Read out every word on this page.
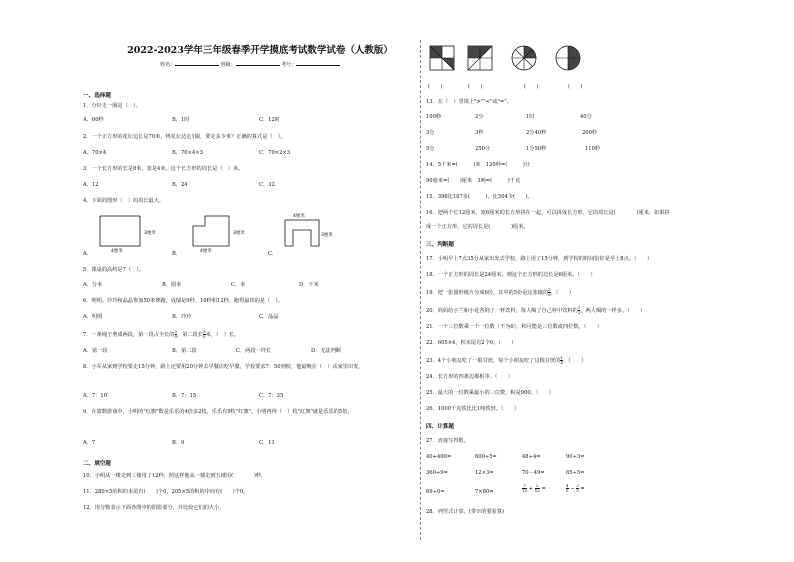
2022-2023学年三年级春季开学摸底考试数学试卷（人教版）
姓名：	班级：	考号：
一、选择题
1．分针走一圈是（　）。
A．60秒	B．1时	C．12时
2．一个正方形的花坛边长是70米，绕花坛边走1圈，要走多少米？正确的算式是（　）。
A．70×4	B．70×4×3	C．70×2×3
3．一个长方形的长是8米，宽是4米，这个长方形的周长是（　）米。
A．12	B．24	C．32
4．下面的图形（　）的周长最大。
3厘米
4厘米
3厘米
4厘米
4厘米
3厘米
A．	B．	C．
5．课桌的高约是7（　）。
A．分米	B．厘米	C．米	D．千米
6．明明、玲玲和晶晶参加50米赛跑，成绩是9秒、10秒和12秒，跑得最快的是（　）。
A．明明	B．玲玲	C．晶晶
7．一条绳子剪成两段，第一段占全长的 $\frac{3}{5}$ ，第二段长 $\frac{3}{5}$ 米，（　）长。
A．第一段	B．第二段	C．两段一样长	D．无法判断
8．小军从家到学校要走15分钟，路上还要用20分钟去早餐店吃早餐，学校要求7：50到校，他最晚在（　）从家里出发。
A．7：10	B．7：15	C．7：35
9．在猜数游戏中，小明的"红旗"数是乐乐的4倍多2枚，乐乐有9枚"红旗"，小明再得（　）枚"红旗"就是乐乐的5倍。
A．7	B．9	C．11
二、填空题
10．小明从一楼走到三楼用了12秒，照这样他从一楼走到五楼用(　　　　)秒。
11．280×5的积的末尾有(　　)个0，205×5的积的中间有(　　)个0。
12．用分数表示下面各图中的阴影部分，并比较它们的大小。
(　　)	(　　)	(　　)	(　　)
13．在（　）里填上">""<"或"="。
100秒	2分	1时	40分
3分	3秒	2分40秒	200秒
5分	250分	1分50秒	110秒
14．5千米=(　　　)米　120秒=(　　　)分
90毫米=(　　)厘米　3吨=(　　　)千克
15．396比187多(　　　)，比504少(　　)。
16．把两个长12厘米，宽6厘米的长方形拼在一起，可以拼成长方形，它的周长是(　　　　)厘米，如果拼
成一个正方形，它的周长是(　　　　)厘米。
三、判断题
17．小明早上7点35分从家出发去学校，路上用了15分钟，到学校的时间恰好是早上8点。（　　）
18．一个正方形的周长是24厘米，则这个正方形的边长是6厘米。（　　）
19．把一张圆形纸片分成6份，其中的5份是这张纸的 $\frac{5}{6}$ 。（　　）
20．妈妈给小兰和小花各倒了一杯饮料，每人喝了自己杯中饮料的 $\frac{1}{2}$ ，两人喝的一样多。（　　）
21．一个三位数乘一个一位数（不为0），积可能是三位数或四位数。（　　）
22．605×4，积末尾有2个0。（　　）
23．4个小朋友吃了一根甘蔗，每个小朋友吃了这根甘蔗的 $\frac{1}{4}$ 。（　　）
24．长方形的四条边都相等。（　　）
25．最大的一位数乘最小的三位数，积是900。（　　）
26．1000千克铁比比1吨铁轻。（　　）
四、计算题
27．直接写得数。
40+400=	600÷5=	48÷4=	90÷3=
360÷9=	12×3=	70－49=	65÷5=
69÷0=	7×80=	$\frac{7}{10} + \frac{2}{10}$ =	$\frac{4}{5} - \frac{3}{5}$ =
28．列竖式计算。(带※的要验算)
